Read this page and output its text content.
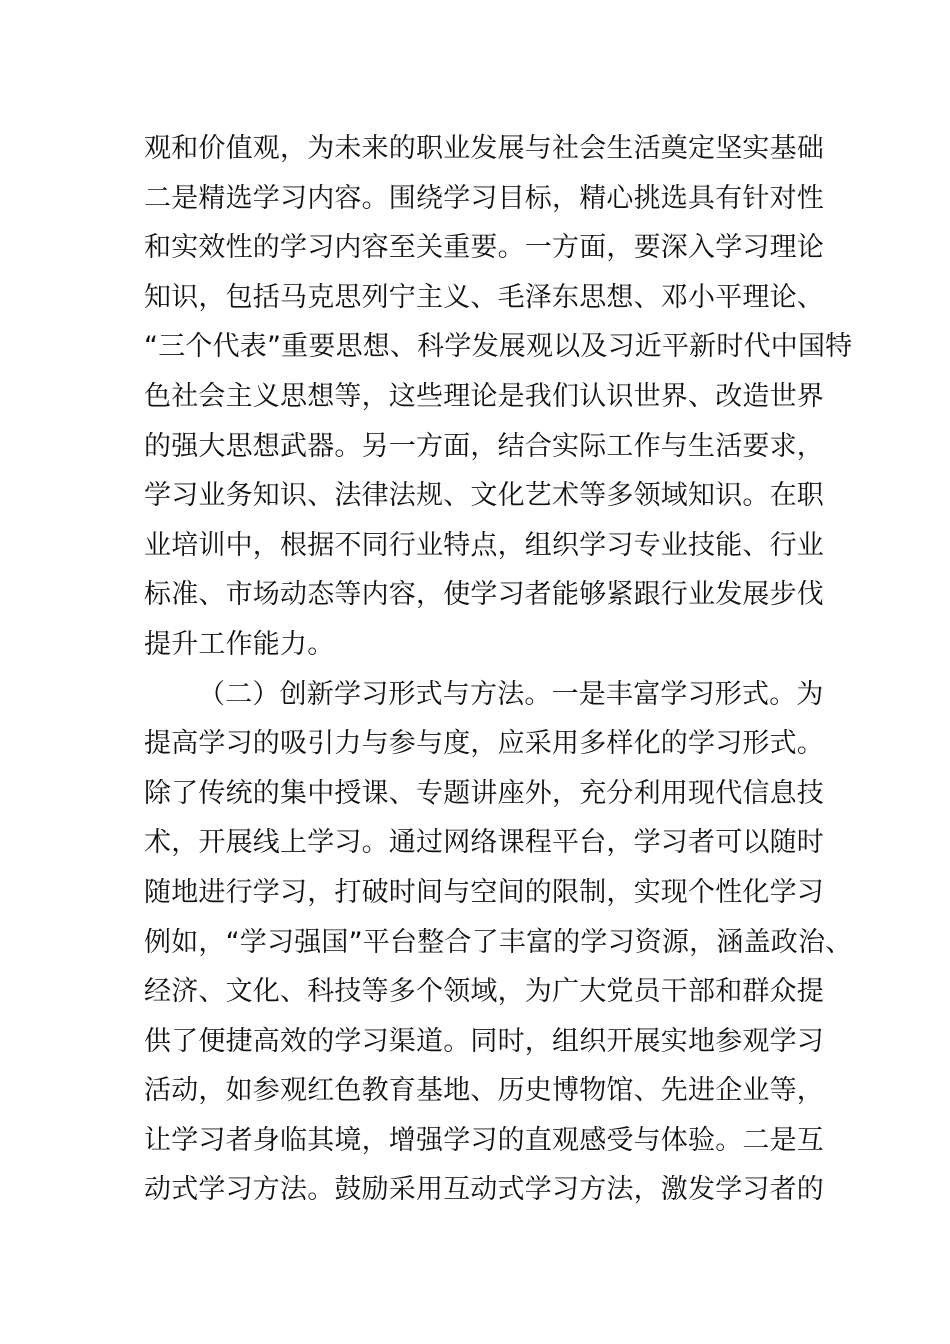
观和价值观，为未来的职业发展与社会生活奠定坚实基础
二是精选学习内容。围绕学习目标，精心挑选具有针对性
和实效性的学习内容至关重要。一方面，要深入学习理论
知识，包括马克思列宁主义、毛泽东思想、邓小平理论、
“三个代表”重要思想、科学发展观以及习近平新时代中国特
色社会主义思想等，这些理论是我们认识世界、改造世界
的强大思想武器。另一方面，结合实际工作与生活要求，
学习业务知识、法律法规、文化艺术等多领域知识。在职
业培训中，根据不同行业特点，组织学习专业技能、行业
标准、市场动态等内容，使学习者能够紧跟行业发展步伐
提升工作能力。
（二）创新学习形式与方法。一是丰富学习形式。为
提高学习的吸引力与参与度，应采用多样化的学习形式。
除了传统的集中授课、专题讲座外，充分利用现代信息技
术，开展线上学习。通过网络课程平台，学习者可以随时
随地进行学习，打破时间与空间的限制，实现个性化学习
例如，“学习强国”平台整合了丰富的学习资源，涵盖政治、
经济、文化、科技等多个领域，为广大党员干部和群众提
供了便捷高效的学习渠道。同时，组织开展实地参观学习
活动，如参观红色教育基地、历史博物馆、先进企业等，
让学习者身临其境，增强学习的直观感受与体验。二是互
动式学习方法。鼓励采用互动式学习方法，激发学习者的
